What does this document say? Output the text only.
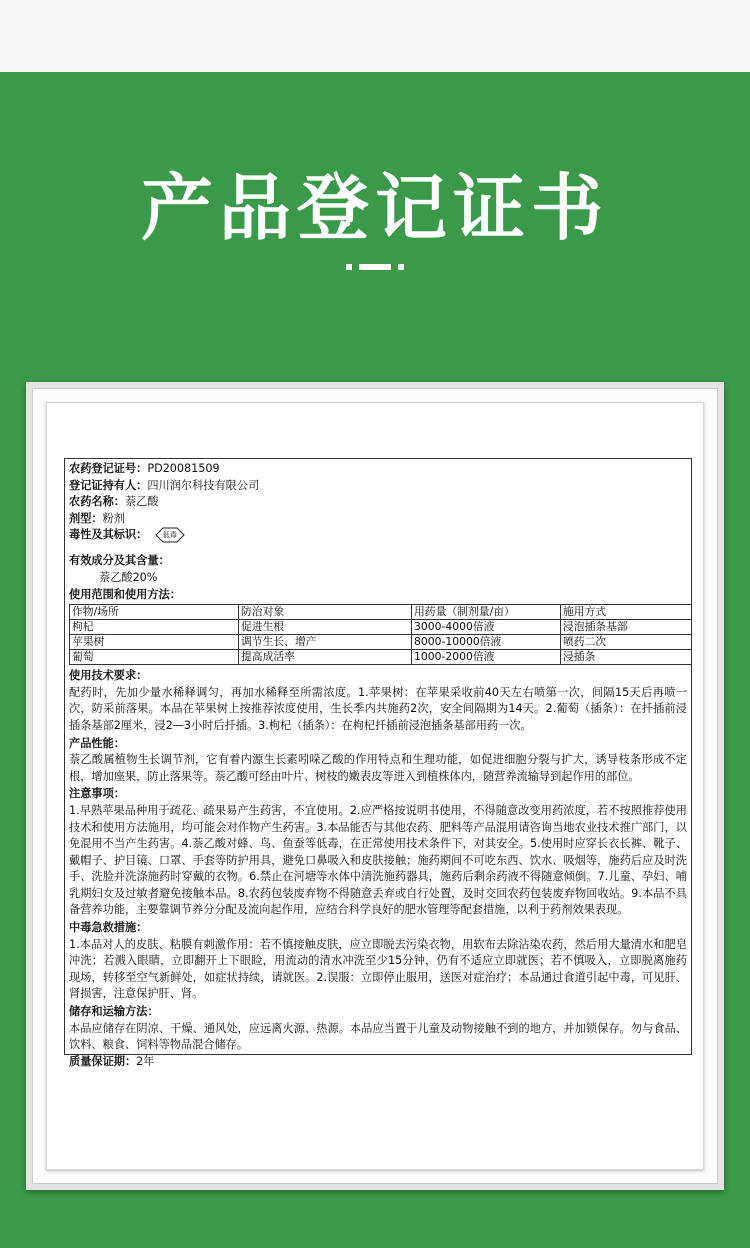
产品登记证书
农药登记证号：PD20081509
登记证持有人：四川润尔科技有限公司
农药名称：萘乙酸
剂型：粉剂
毒性及其标识：	低毒
有效成分及其含量：
萘乙酸20%
使用范围和使用方法：
作物/场所	防治对象	用药量（制剂量/亩）	施用方式
枸杞	促进生根	3000-4000倍液	浸泡插条基部
苹果树	调节生长、增产	8000-10000倍液	喷药二次
葡萄	提高成活率	1000-2000倍液	浸插条
使用技术要求：
配药时，先加少量水稀释调匀，再加水稀释至所需浓度。1.苹果树：在苹果采收前40天左右喷第一次，间隔15天后再喷一次，防采前落果。本品在苹果树上按推荐浓度使用，生长季内共施药2次，安全间隔期为14天。2.葡萄（插条）：在扦插前浸插条基部2厘米，浸2—3小时后扦插。3.枸杞（插条）：在枸杞扦插前浸泡插条基部用药一次。
产品性能：
萘乙酸属植物生长调节剂，它有着内源生长素吲哚乙酸的作用特点和生理功能，如促进细胞分裂与扩大，诱导枝条形成不定根，增加座果，防止落果等。萘乙酸可经由叶片、树枝的嫩表皮等进入到植株体内，随营养流输导到起作用的部位。
注意事项：
1.早熟苹果品种用于疏花、疏果易产生药害，不宜使用。2.应严格按说明书使用，不得随意改变用药浓度，若不按照推荐使用技术和使用方法施用，均可能会对作物产生药害。3.本品能否与其他农药、肥料等产品混用请咨询当地农业技术推广部门，以免混用不当产生药害。4.萘乙酸对蜂、鸟、鱼蚕等低毒，在正常使用技术条件下，对其安全。5.使用时应穿长衣长裤、靴子、戴帽子、护目镜、口罩、手套等防护用具，避免口鼻吸入和皮肤接触；施药期间不可吃东西、饮水、吸烟等，施药后应及时洗手、洗脸并洗涤施药时穿戴的衣物。6.禁止在河塘等水体中清洗施药器具，施药后剩余药液不得随意倾倒。7.儿童、孕妇、哺乳期妇女及过敏者避免接触本品。8.农药包装废弃物不得随意丢弃或自行处置，及时交回农药包装废弃物回收站。9.本品不具备营养功能，主要靠调节养分分配及流向起作用，应结合科学良好的肥水管理等配套措施，以利于药剂效果表现。
中毒急救措施：
1.本品对人的皮肤、粘膜有刺激作用：若不慎接触皮肤，应立即脱去污染衣物，用软布去除沾染农药，然后用大量清水和肥皂冲洗；若溅入眼睛，立即翻开上下眼睑，用流动的清水冲洗至少15分钟，仍有不适应立即就医；若不慎吸入，立即脱离施药现场，转移至空气新鲜处，如症状持续，请就医。2.误服：立即停止服用，送医对症治疗；本品通过食道引起中毒，可见肝、肾损害，注意保护肝、肾。
储存和运输方法：
本品应储存在阴凉、干燥、通风处，应远离火源、热源。本品应当置于儿童及动物接触不到的地方，并加锁保存。勿与食品、饮料、粮食、饲料等物品混合储存。
质量保证期：2年
